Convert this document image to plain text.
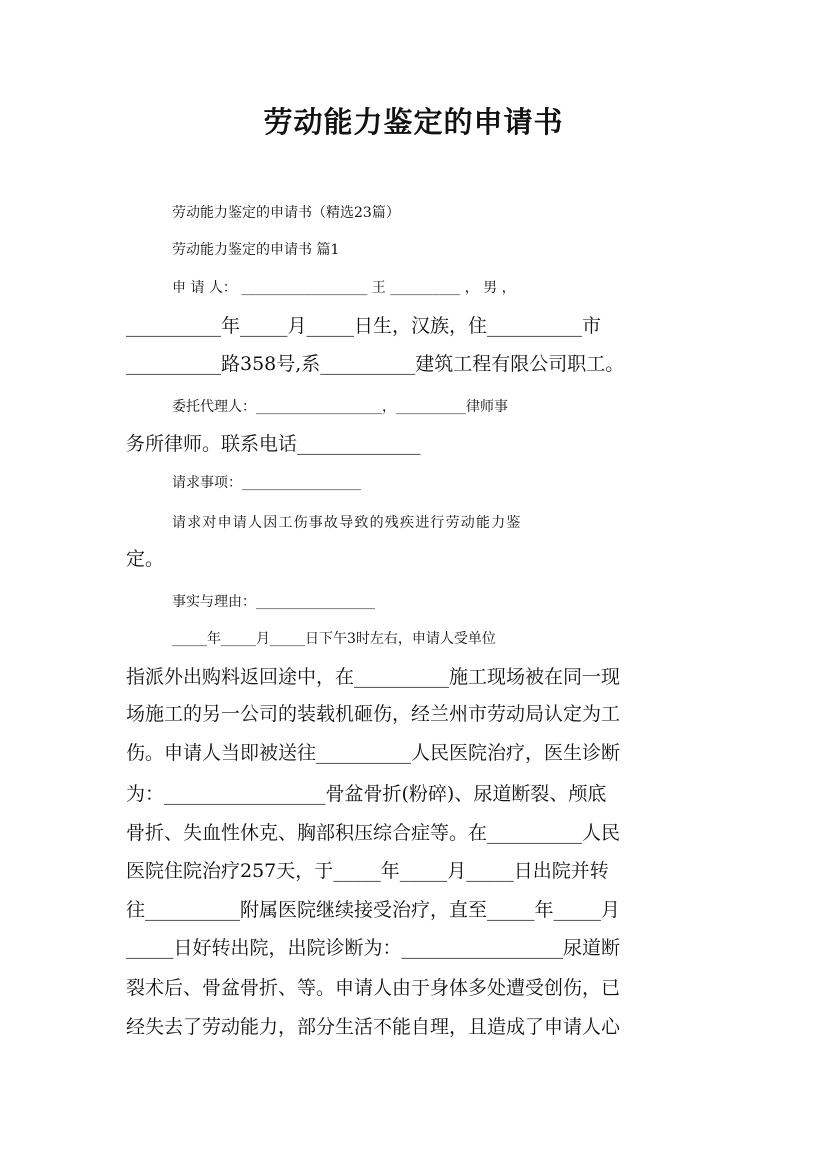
劳动能力鉴定的申请书
劳动能力鉴定的申请书（精选23篇）
劳动能力鉴定的申请书 篇1
申 请 人： __________________ 王 __________ ， 男 ，
__________年_____月_____日生，汉族，住__________市
__________路358号,系__________建筑工程有限公司职工。
委托代理人：__________________，__________律师事
务所律师。联系电话_____________
请求事项：_________________
请求对申请人因工伤事故导致的残疾进行劳动能力鉴
定。
事实与理由：_________________
_____年_____月_____日下午3时左右，申请人受单位
指派外出购料返回途中，在__________施工现场被在同一现
场施工的另一公司的装载机砸伤，经兰州市劳动局认定为工
伤。申请人当即被送往__________人民医院治疗，医生诊断
为：_________________骨盆骨折(粉碎)、尿道断裂、颅底
骨折、失血性休克、胸部积压综合症等。在__________人民
医院住院治疗257天，于_____年_____月_____日出院并转
往__________附属医院继续接受治疗，直至_____年_____月
_____日好转出院，出院诊断为：_________________尿道断
裂术后、骨盆骨折、等。申请人由于身体多处遭受创伤，已
经失去了劳动能力，部分生活不能自理，且造成了申请人心
